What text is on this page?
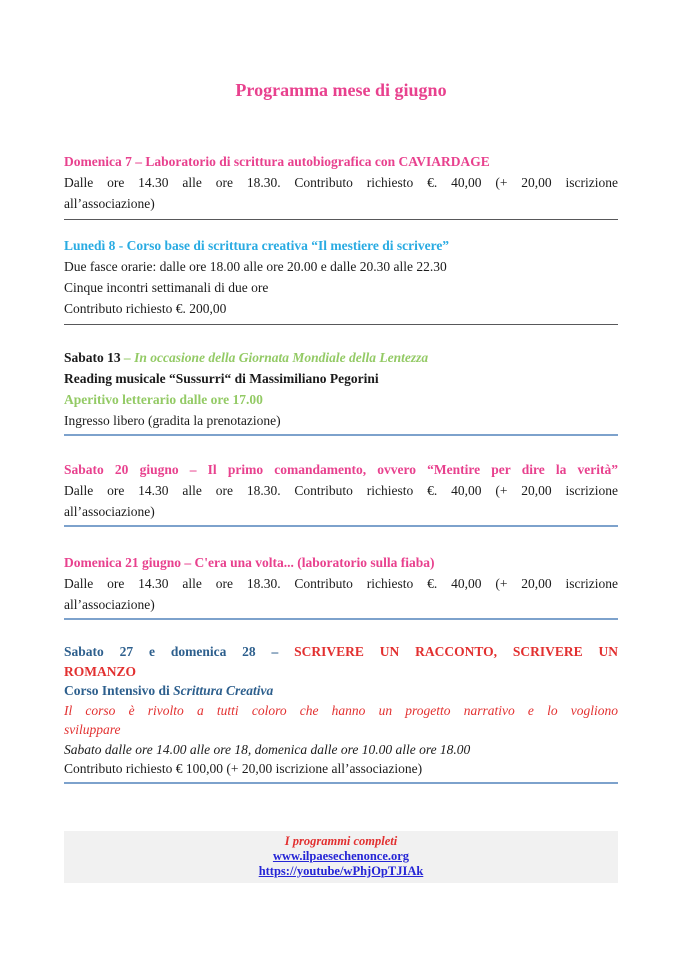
Programma mese di giugno

Domenica 7 – Laboratorio di scrittura autobiografica con CAVIARDAGE

Dalle ore 14.30 alle ore 18.30. Contributo richiesto €. 40,00 (+ 20,00 iscrizione

all’associazione)

Lunedì 8 - Corso base di scrittura creativa “Il mestiere di scrivere”

Due fasce orarie: dalle ore 18.00 alle ore 20.00 e dalle 20.30 alle 22.30

Cinque incontri settimanali di due ore

Contributo richiesto €. 200,00

Sabato 13 – In occasione della Giornata Mondiale della Lentezza

Reading musicale “Sussurri“ di Massimiliano Pegorini

Aperitivo letterario dalle ore 17.00

Ingresso libero (gradita la prenotazione)

Sabato 20 giugno – Il primo comandamento, ovvero “Mentire per dire la verità”

Dalle ore 14.30 alle ore 18.30. Contributo richiesto €. 40,00 (+ 20,00 iscrizione

all’associazione)

Domenica 21 giugno – C'era una volta... (laboratorio sulla fiaba)

Dalle ore 14.30 alle ore 18.30. Contributo richiesto €. 40,00 (+ 20,00 iscrizione

all’associazione)

Sabato 27 e domenica 28 – SCRIVERE UN RACCONTO, SCRIVERE UN

ROMANZO

Corso Intensivo di Scrittura Creativa

Il corso è rivolto a tutti coloro che hanno un progetto narrativo e lo vogliono

sviluppare

Sabato dalle ore 14.00 alle ore 18, domenica dalle ore 10.00 alle ore 18.00

Contributo richiesto € 100,00 (+ 20,00 iscrizione all’associazione)

I programmi completi

www.ilpaesechenonce.org

https://youtube/wPhjOpTJIAk
